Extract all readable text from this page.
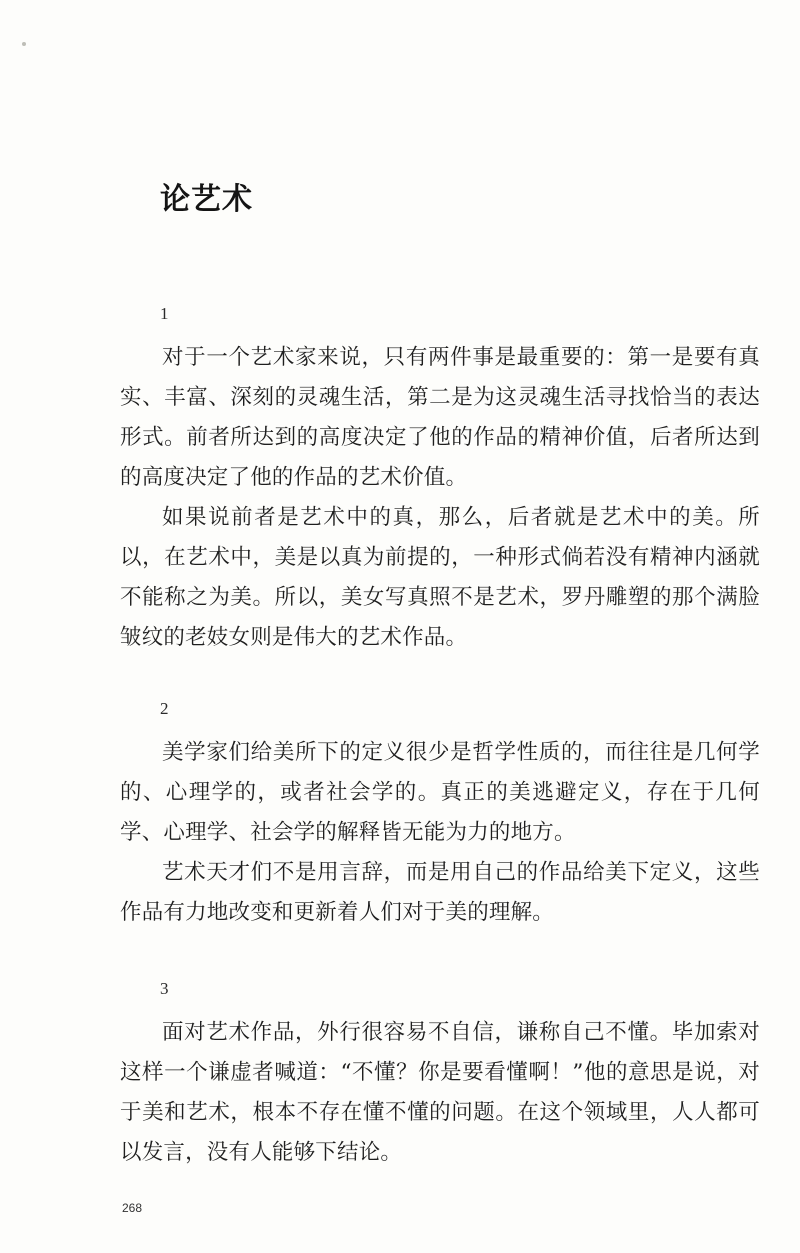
论艺术
1

对于一个艺术家来说，只有两件事是最重要的：第一是要有真实、丰富、深刻的灵魂生活，第二是为这灵魂生活寻找恰当的表达形式。前者所达到的高度决定了他的作品的精神价值，后者所达到的高度决定了他的作品的艺术价值。

如果说前者是艺术中的真，那么，后者就是艺术中的美。所以，在艺术中，美是以真为前提的，一种形式倘若没有精神内涵就不能称之为美。所以，美女写真照不是艺术，罗丹雕塑的那个满脸皱纹的老妓女则是伟大的艺术作品。

2

美学家们给美所下的定义很少是哲学性质的，而往往是几何学的、心理学的，或者社会学的。真正的美逃避定义，存在于几何学、心理学、社会学的解释皆无能为力的地方。

艺术天才们不是用言辞，而是用自己的作品给美下定义，这些作品有力地改变和更新着人们对于美的理解。

3

面对艺术作品，外行很容易不自信，谦称自己不懂。毕加索对这样一个谦虚者喊道：“不懂？你是要看懂啊！”他的意思是说，对于美和艺术，根本不存在懂不懂的问题。在这个领域里，人人都可以发言，没有人能够下结论。

268
